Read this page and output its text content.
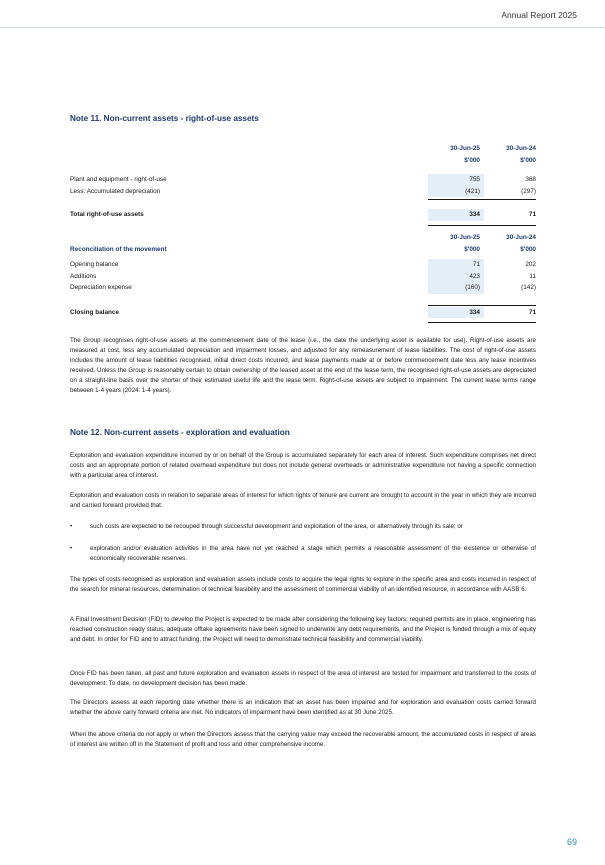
Annual Report 2025
Note 11. Non-current assets - right-of-use assets
30-Jun-25	30-Jun-24
$'000	$'000
Plant and equipment - right-of-use	755	368
Less: Accumulated depreciation	(421)	(297)
Total right-of-use assets	334	71
30-Jun-25	30-Jun-24
Reconciliation of the movement	$'000	$'000
Opening balance	71	202
Additions	423	11
Depreciation expense	(160)	(142)
Closing balance	334	71
The Group recognises right-of-use assets at the commencement date of the lease (i.e., the date the underlying asset is available for use). Right-of-use assets are measured at cost, less any accumulated depreciation and impairment losses, and adjusted for any remeasurement of lease liabilities. The cost of right-of-use assets includes the amount of lease liabilities recognised, initial direct costs incurred, and lease payments made at or before commencement date less any lease incentives received. Unless the Group is reasonably certain to obtain ownership of the leased asset at the end of the lease term, the recognised right-of-use assets are depreciated on a straight-line basis over the shorter of their estimated useful life and the lease term. Right-of-use assets are subject to impairment. The current lease terms range between 1-4 years (2024: 1-4 years).
Note 12. Non-current assets - exploration and evaluation
Exploration and evaluation expenditure incurred by or on behalf of the Group is accumulated separately for each area of interest. Such expenditure comprises net direct costs and an appropriate portion of related overhead expenditure but does not include general overheads or administrative expenditure not having a specific connection with a particular area of interest.
Exploration and evaluation costs in relation to separate areas of interest for which rights of tenure are current are brought to account in the year in which they are incurred and carried forward provided that:
•	such costs are expected to be recouped through successful development and exploitation of the area, or alternatively through its sale; or
•	exploration and/or evaluation activities in the area have not yet reached a stage which permits a reasonable assessment of the existence or otherwise of economically recoverable reserves.
The types of costs recognised as exploration and evaluation assets include costs to acquire the legal rights to explore in the specific area and costs incurred in respect of the search for mineral resources, determination of technical feasibility and the assessment of commercial viability of an identified resource, in accordance with AASB 6.
A Final Investment Decision (FID) to develop the Project is expected to be made after considering the following key factors: required permits are in place, engineering has reached construction ready status, adequate offtake agreements have been signed to underwrite any debt requirements, and the Project is funded through a mix of equity and debt. In order for FID and to attract funding, the Project will need to demonstrate technical feasibility and commercial viability.
Once FID has been taken, all past and future exploration and evaluation assets in respect of the area of interest are tested for impairment and transferred to the costs of development. To date, no development decision has been made.
The Directors assess at each reporting date whether there is an indication that an asset has been impaired and for exploration and evaluation costs carried forward whether the above carry forward criteria are met. No indicators of impairment have been identified as at 30 June 2025.
When the above criteria do not apply or when the Directors assess that the carrying value may exceed the recoverable amount, the accumulated costs in respect of areas of interest are written off in the Statement of profit and loss and other comprehensive income.
69
